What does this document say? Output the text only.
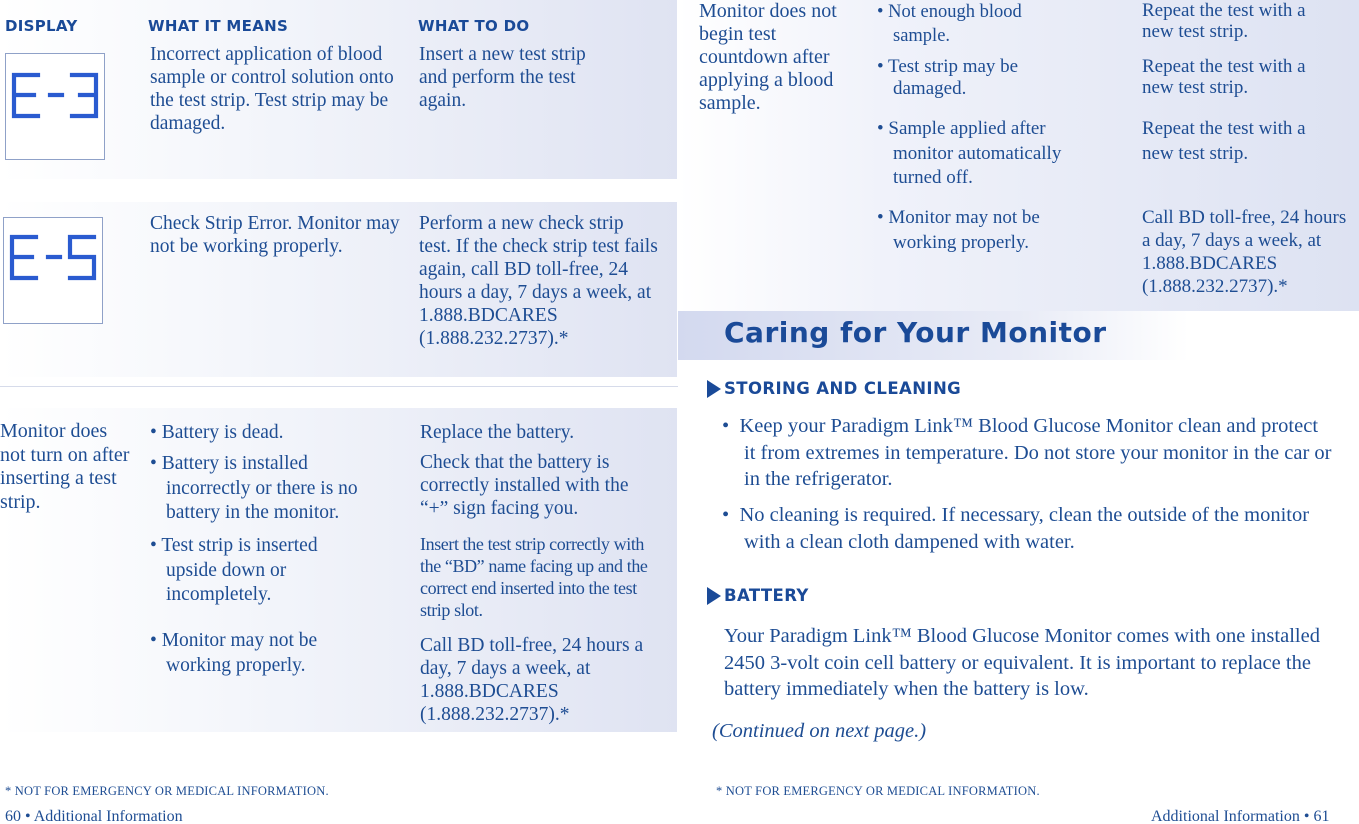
DISPLAY	WHAT IT MEANS	WHAT TO DO
Incorrect application of blood sample or control solution onto the test strip. Test strip may be damaged.
Insert a new test strip and perform the test again.
Check Strip Error. Monitor may not be working properly.
Perform a new check strip test. If the check strip test fails again, call BD toll-free, 24 hours a day, 7 days a week, at 1.888.BDCARES (1.888.232.2737).*
Monitor does not turn on after inserting a test strip.
• Battery is dead.
• Battery is installed incorrectly or there is no battery in the monitor.
• Test strip is inserted upside down or incompletely.
• Monitor may not be working properly.
Replace the battery.
Check that the battery is correctly installed with the “+” sign facing you.
Insert the test strip correctly with the “BD” name facing up and the correct end inserted into the test strip slot.
Call BD toll-free, 24 hours a day, 7 days a week, at 1.888.BDCARES (1.888.232.2737).*
* NOT FOR EMERGENCY OR MEDICAL INFORMATION.
60 • Additional Information
Monitor does not begin test countdown after applying a blood sample.
• Not enough blood sample.
• Test strip may be damaged.
• Sample applied after monitor automatically turned off.
• Monitor may not be working properly.
Repeat the test with a new test strip.
Repeat the test with a new test strip.
Repeat the test with a new test strip.
Call BD toll-free, 24 hours a day, 7 days a week, at 1.888.BDCARES (1.888.232.2737).*
Caring for Your Monitor
STORING AND CLEANING
•  Keep your Paradigm Link™ Blood Glucose Monitor clean and protect it from extremes in temperature. Do not store your monitor in the car or in the refrigerator.
•  No cleaning is required. If necessary, clean the outside of the monitor with a clean cloth dampened with water.
BATTERY
Your Paradigm Link™ Blood Glucose Monitor comes with one installed 2450 3-volt coin cell battery or equivalent. It is important to replace the battery immediately when the battery is low.
(Continued on next page.)
* NOT FOR EMERGENCY OR MEDICAL INFORMATION.
Additional Information • 61
